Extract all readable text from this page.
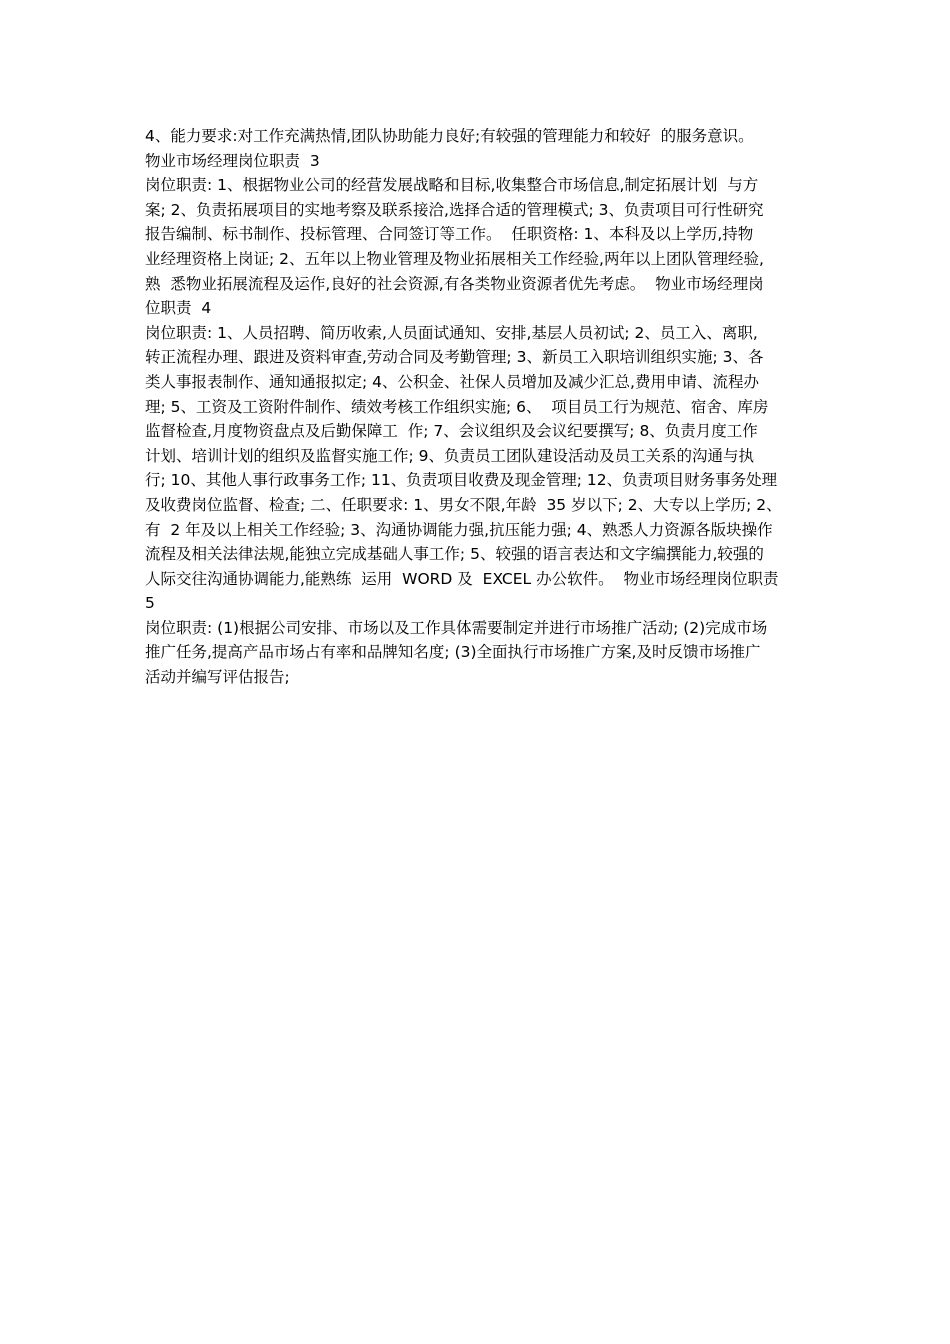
4、能力要求:对工作充满热情,团队协助能力良好;有较强的管理能力和较好  的服务意识。
物业市场经理岗位职责  3
岗位职责: 1、根据物业公司的经营发展战略和目标,收集整合市场信息,制定拓展计划  与方
案; 2、负责拓展项目的实地考察及联系接洽,选择合适的管理模式; 3、负责项目可行性研究
报告编制、标书制作、投标管理、合同签订等工作。  任职资格: 1、本科及以上学历,持物
业经理资格上岗证; 2、五年以上物业管理及物业拓展相关工作经验,两年以上团队管理经验,
熟  悉物业拓展流程及运作,良好的社会资源,有各类物业资源者优先考虑。  物业市场经理岗
位职责  4
岗位职责: 1、人员招聘、简历收索,人员面试通知、安排,基层人员初试; 2、员工入、离职,
转正流程办理、跟进及资料审查,劳动合同及考勤管理; 3、新员工入职培训组织实施; 3、各
类人事报表制作、通知通报拟定; 4、公积金、社保人员增加及减少汇总,费用申请、流程办
理; 5、工资及工资附件制作、绩效考核工作组织实施; 6、  项目员工行为规范、宿舍、库房
监督检查,月度物资盘点及后勤保障工  作; 7、会议组织及会议纪要撰写; 8、负责月度工作
计划、培训计划的组织及监督实施工作; 9、负责员工团队建设活动及员工关系的沟通与执
行; 10、其他人事行政事务工作; 11、负责项目收费及现金管理; 12、负责项目财务事务处理
及收费岗位监督、检查; 二、任职要求: 1、男女不限,年龄  35 岁以下; 2、大专以上学历; 2、
有  2 年及以上相关工作经验; 3、沟通协调能力强,抗压能力强; 4、熟悉人力资源各版块操作
流程及相关法律法规,能独立完成基础人事工作; 5、较强的语言表达和文字编撰能力,较强的
人际交往沟通协调能力,能熟练  运用  WORD 及  EXCEL 办公软件。  物业市场经理岗位职责
5
岗位职责: (1)根据公司安排、市场以及工作具体需要制定并进行市场推广活动; (2)完成市场
推广任务,提高产品市场占有率和品牌知名度; (3)全面执行市场推广方案,及时反馈市场推广
活动并编写评估报告;
